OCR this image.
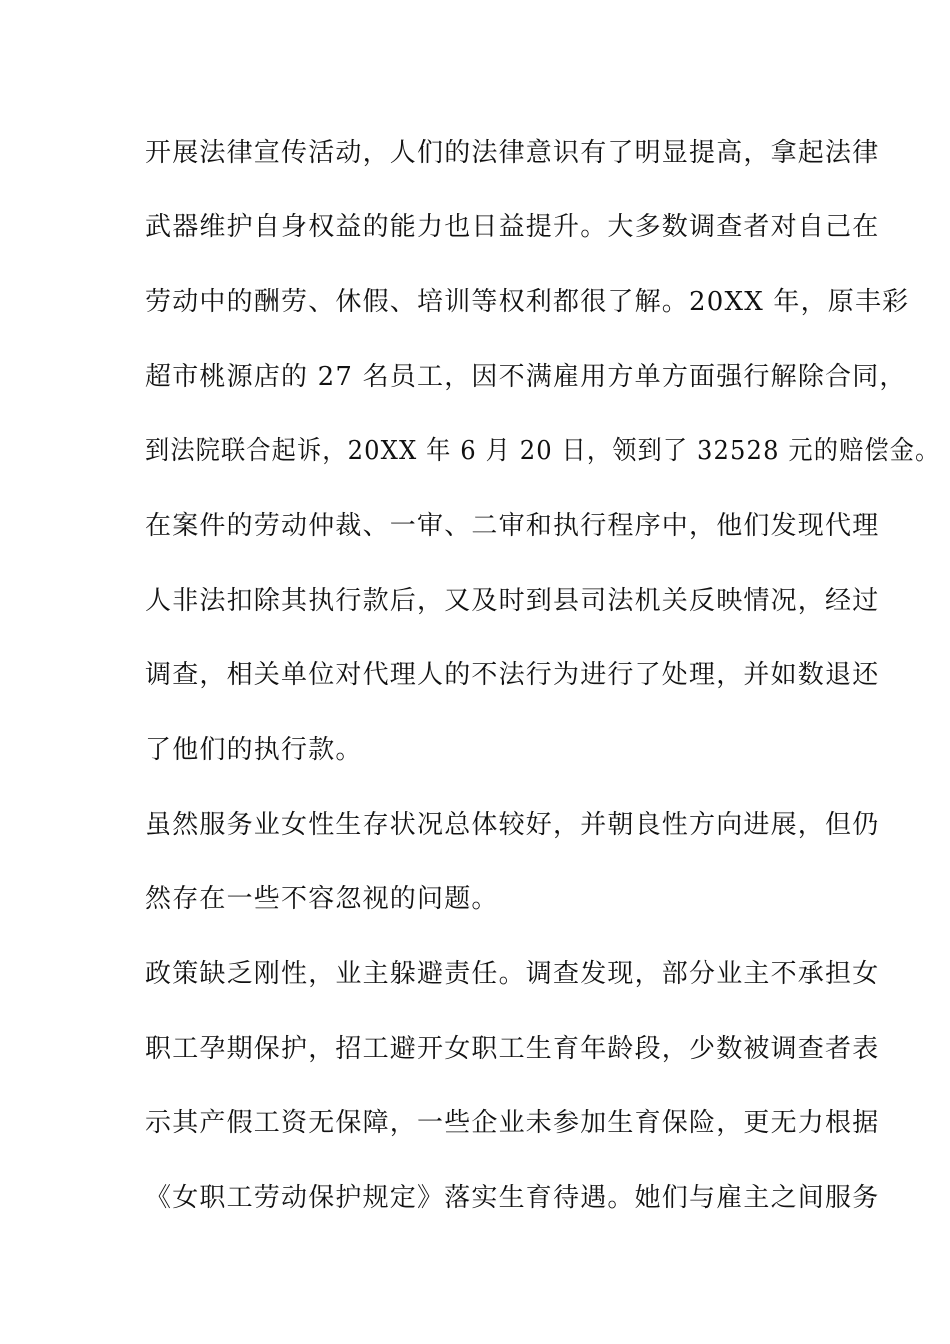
开展法律宣传活动，人们的法律意识有了明显提高，拿起法律
武器维护自身权益的能力也日益提升。大多数调查者对自己在
劳动中的酬劳、休假、培训等权利都很了解。20XX 年，原丰彩
超市桃源店的 27 名员工，因不满雇用方单方面强行解除合同，
到法院联合起诉，20XX 年 6 月 20 日，领到了 32528 元的赔偿金。
在案件的劳动仲裁、一审、二审和执行程序中，他们发现代理
人非法扣除其执行款后，又及时到县司法机关反映情况，经过
调查，相关单位对代理人的不法行为进行了处理，并如数退还
了他们的执行款。
虽然服务业女性生存状况总体较好，并朝良性方向进展，但仍
然存在一些不容忽视的问题。
政策缺乏刚性，业主躲避责任。调查发现，部分业主不承担女
职工孕期保护，招工避开女职工生育年龄段，少数被调查者表
示其产假工资无保障，一些企业未参加生育保险，更无力根据
《女职工劳动保护规定》落实生育待遇。她们与雇主之间服务
